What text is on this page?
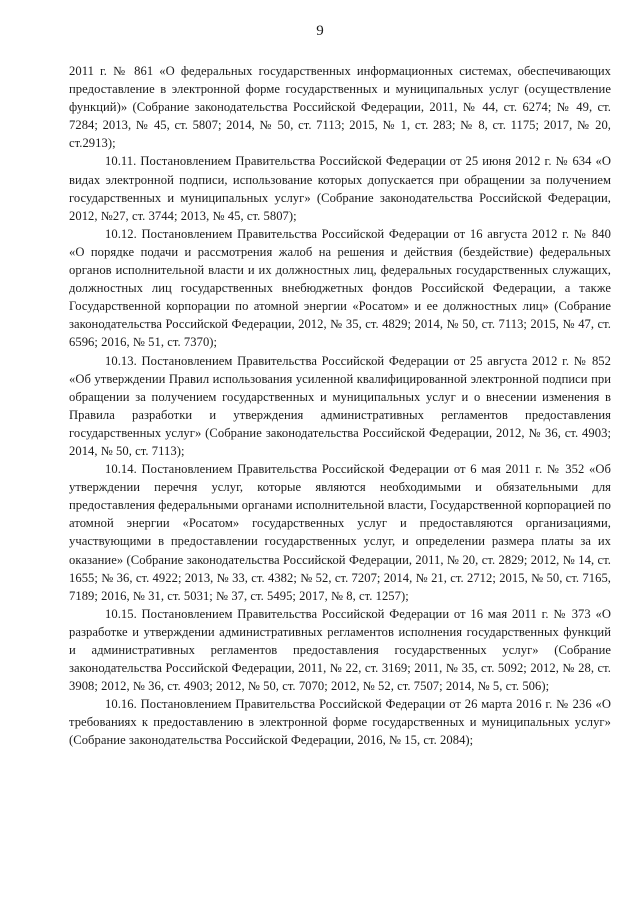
9

2011 г. № 861 «О федеральных государственных информационных системах, обеспечивающих предоставление в электронной форме государственных и муниципальных услуг (осуществление функций)» (Собрание законодательства Российской Федерации, 2011, № 44, ст. 6274; № 49, ст. 7284; 2013, № 45, ст. 5807; 2014, № 50, ст. 7113; 2015, № 1, ст. 283; № 8, ст. 1175; 2017, № 20, ст.2913);

10.11. Постановлением Правительства Российской Федерации от 25 июня 2012 г. № 634 «О видах электронной подписи, использование которых допускается при обращении за получением государственных и муниципальных услуг» (Собрание законодательства Российской Федерации, 2012, №27, ст. 3744; 2013, № 45, ст. 5807);

10.12. Постановлением Правительства Российской Федерации от 16 августа 2012 г. № 840 «О порядке подачи и рассмотрения жалоб на решения и действия (бездействие) федеральных органов исполнительной власти и их должностных лиц, федеральных государственных служащих, должностных лиц государственных внебюджетных фондов Российской Федерации, а также Государственной корпорации по атомной энергии «Росатом» и ее должностных лиц» (Собрание законодательства Российской Федерации, 2012, № 35, ст. 4829; 2014, № 50, ст. 7113; 2015, № 47, ст. 6596; 2016, № 51, ст. 7370);

10.13. Постановлением Правительства Российской Федерации от 25 августа 2012 г. № 852 «Об утверждении Правил использования усиленной квалифицированной электронной подписи при обращении за получением государственных и муниципальных услуг и о внесении изменения в Правила разработки и утверждения административных регламентов предоставления государственных услуг» (Собрание законодательства Российской Федерации, 2012, № 36, ст. 4903; 2014, № 50, ст. 7113);

10.14. Постановлением Правительства Российской Федерации от 6 мая 2011 г. № 352 «Об утверждении перечня услуг, которые являются необходимыми и обязательными для предоставления федеральными органами исполнительной власти, Государственной корпорацией по атомной энергии «Росатом» государственных услуг и предоставляются организациями, участвующими в предоставлении государственных услуг, и определении размера платы за их оказание» (Собрание законодательства Российской Федерации, 2011, № 20, ст. 2829; 2012, № 14, ст. 1655; № 36, ст. 4922; 2013, № 33, ст. 4382; № 52, ст. 7207; 2014, № 21, ст. 2712; 2015, № 50, ст. 7165, 7189; 2016, № 31, ст. 5031; № 37, ст. 5495; 2017, № 8, ст. 1257);

10.15. Постановлением Правительства Российской Федерации от 16 мая 2011 г. № 373 «О разработке и утверждении административных регламентов исполнения государственных функций и административных регламентов предоставления государственных услуг» (Собрание законодательства Российской Федерации, 2011, № 22, ст. 3169; 2011, № 35, ст. 5092; 2012, № 28, ст. 3908; 2012, № 36, ст. 4903; 2012, № 50, ст. 7070; 2012, № 52, ст. 7507; 2014, № 5, ст. 506);

10.16. Постановлением Правительства Российской Федерации от 26 марта 2016 г. № 236 «О требованиях к предоставлению в электронной форме государственных и муниципальных услуг» (Собрание законодательства Российской Федерации, 2016, № 15, ст. 2084);
